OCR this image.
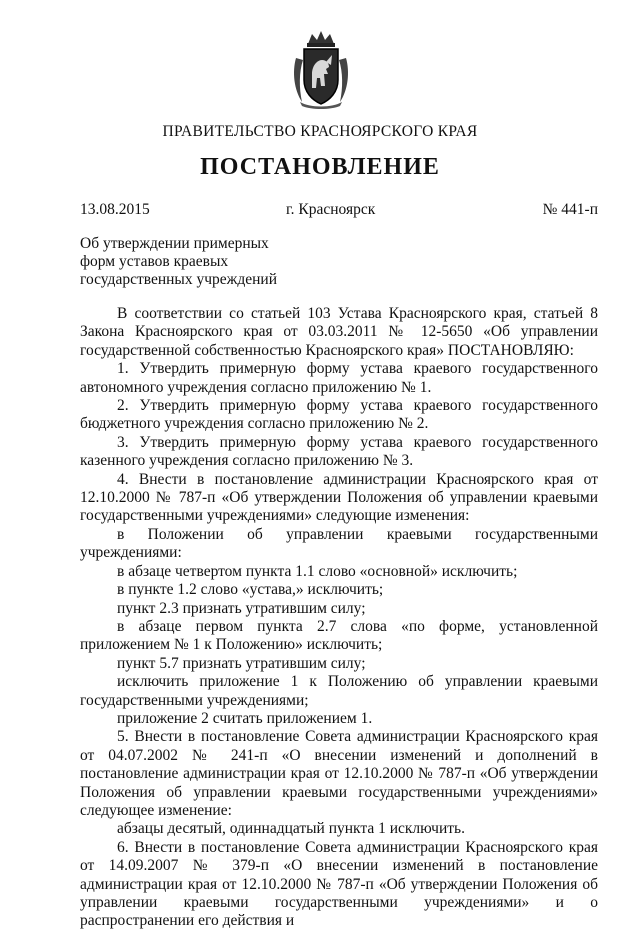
ПРАВИТЕЛЬСТВО КРАСНОЯРСКОГО КРАЯ
ПОСТАНОВЛЕНИЕ
13.08.2015	г. Красноярск	№ 441-п
Об утверждении примерных
форм уставов краевых
государственных учреждений

В соответствии со статьей 103 Устава Красноярского края, статьей 8 Закона Красноярского края от 03.03.2011 № 12-5650 «Об управлении государственной собственностью Красноярского края» ПОСТАНОВЛЯЮ:

1. Утвердить примерную форму устава краевого государственного автономного учреждения согласно приложению № 1.

2. Утвердить примерную форму устава краевого государственного бюджетного учреждения согласно приложению № 2.

3. Утвердить примерную форму устава краевого государственного казенного учреждения согласно приложению № 3.

4. Внести в постановление администрации Красноярского края от 12.10.2000 № 787-п «Об утверждении Положения об управлении краевыми государственными учреждениями» следующие изменения:

в Положении об управлении краевыми государственными учреждениями:

в абзаце четвертом пункта 1.1 слово «основной» исключить;

в пункте 1.2 слово «устава,» исключить;

пункт 2.3 признать утратившим силу;

в абзаце первом пункта 2.7 слова «по форме, установленной приложением № 1 к Положению» исключить;

пункт 5.7 признать утратившим силу;

исключить приложение 1 к Положению об управлении краевыми государственными учреждениями;

приложение 2 считать приложением 1.

5. Внести в постановление Совета администрации Красноярского края от 04.07.2002 № 241-п «О внесении изменений и дополнений в постановление администрации края от 12.10.2000 № 787-п «Об утверждении Положения об управлении краевыми государственными учреждениями» следующее изменение:

абзацы десятый, одиннадцатый пункта 1 исключить.

6. Внести в постановление Совета администрации Красноярского края от 14.09.2007 № 379-п «О внесении изменений в постановление администрации края от 12.10.2000 № 787-п «Об утверждении Положения об управлении краевыми государственными учреждениями» и о распространении его действия и
